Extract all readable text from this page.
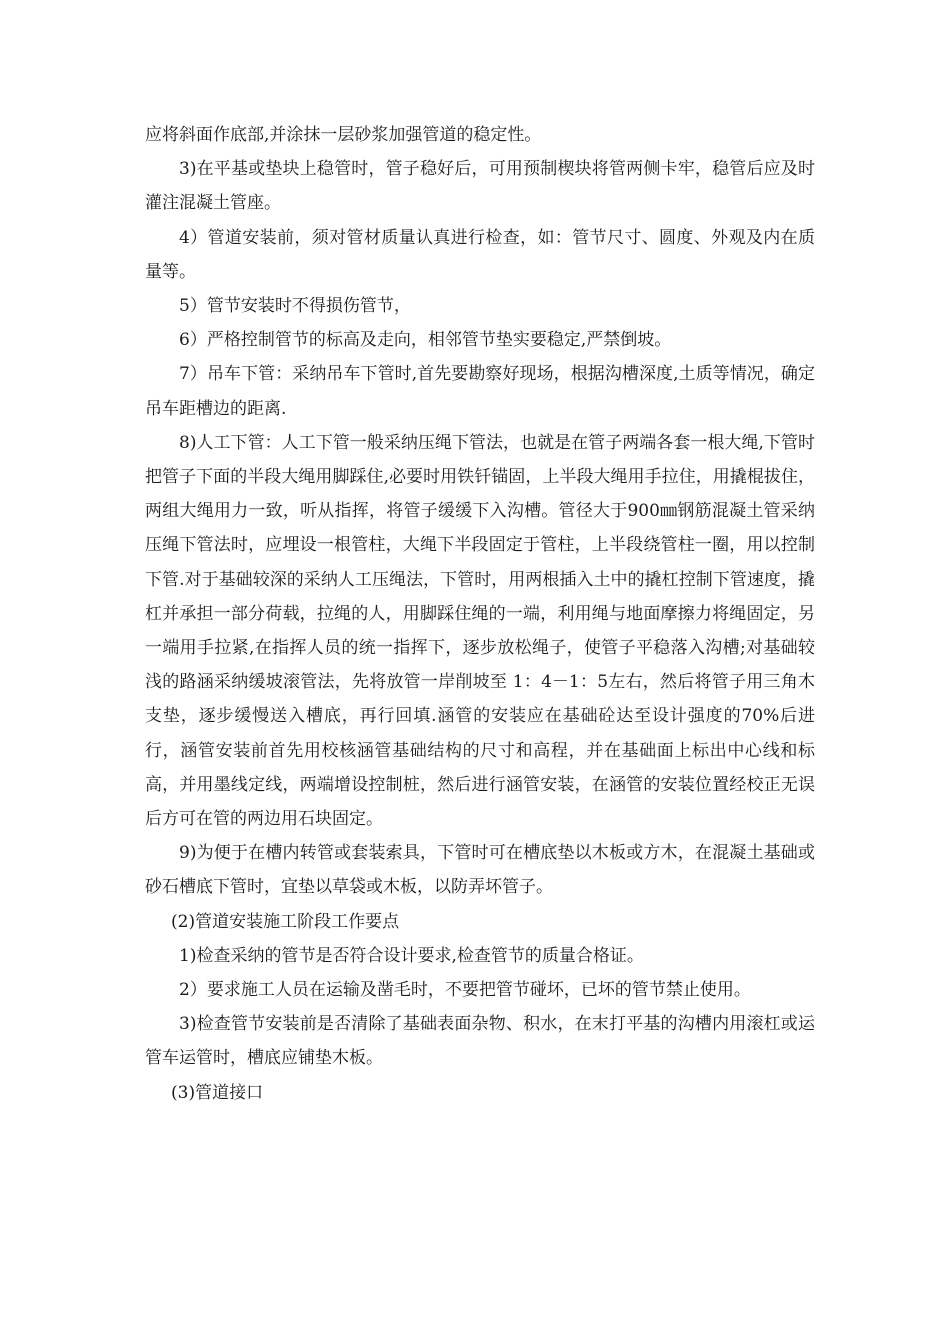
应将斜面作底部,并涂抹一层砂浆加强管道的稳定性。

3)在平基或垫块上稳管时，管子稳好后，可用预制楔块将管两侧卡牢，稳管后应及时灌注混凝土管座。

4）管道安装前，须对管材质量认真进行检查，如：管节尺寸、圆度、外观及内在质量等。

5）管节安装时不得损伤管节，

6）严格控制管节的标高及走向，相邻管节垫实要稳定,严禁倒坡。

7）吊车下管：采纳吊车下管时,首先要勘察好现场，根据沟槽深度,土质等情况，确定吊车距槽边的距离.

8)人工下管：人工下管一般采纳压绳下管法，也就是在管子两端各套一根大绳,下管时把管子下面的半段大绳用脚踩住,必要时用铁钎锚固，上半段大绳用手拉住，用撬棍拔住，两组大绳用力一致，听从指挥，将管子缓缓下入沟槽。管径大于900㎜钢筋混凝土管采纳压绳下管法时，应埋设一根管柱，大绳下半段固定于管柱，上半段绕管柱一圈，用以控制下管.对于基础较深的采纳人工压绳法，下管时，用两根插入土中的撬杠控制下管速度，撬杠并承担一部分荷载，拉绳的人，用脚踩住绳的一端，利用绳与地面摩擦力将绳固定，另一端用手拉紧,在指挥人员的统一指挥下，逐步放松绳子，使管子平稳落入沟槽;对基础较浅的路涵采纳缓坡滚管法，先将放管一岸削坡至 1：4－1：5左右，然后将管子用三角木支垫，逐步缓慢送入槽底，再行回填.涵管的安装应在基础砼达至设计强度的70%后进行，涵管安装前首先用校核涵管基础结构的尺寸和高程，并在基础面上标出中心线和标高，并用墨线定线，两端增设控制桩，然后进行涵管安装，在涵管的安装位置经校正无误后方可在管的两边用石块固定。

9)为便于在槽内转管或套装索具，下管时可在槽底垫以木板或方木，在混凝土基础或砂石槽底下管时，宜垫以草袋或木板，以防弄坏管子。

(2)管道安装施工阶段工作要点

1)检查采纳的管节是否符合设计要求,检查管节的质量合格证。

2）要求施工人员在运输及凿毛时，不要把管节碰坏，已坏的管节禁止使用。

3)检查管节安装前是否清除了基础表面杂物、积水，在末打平基的沟槽内用滚杠或运管车运管时，槽底应铺垫木板。

(3)管道接口
